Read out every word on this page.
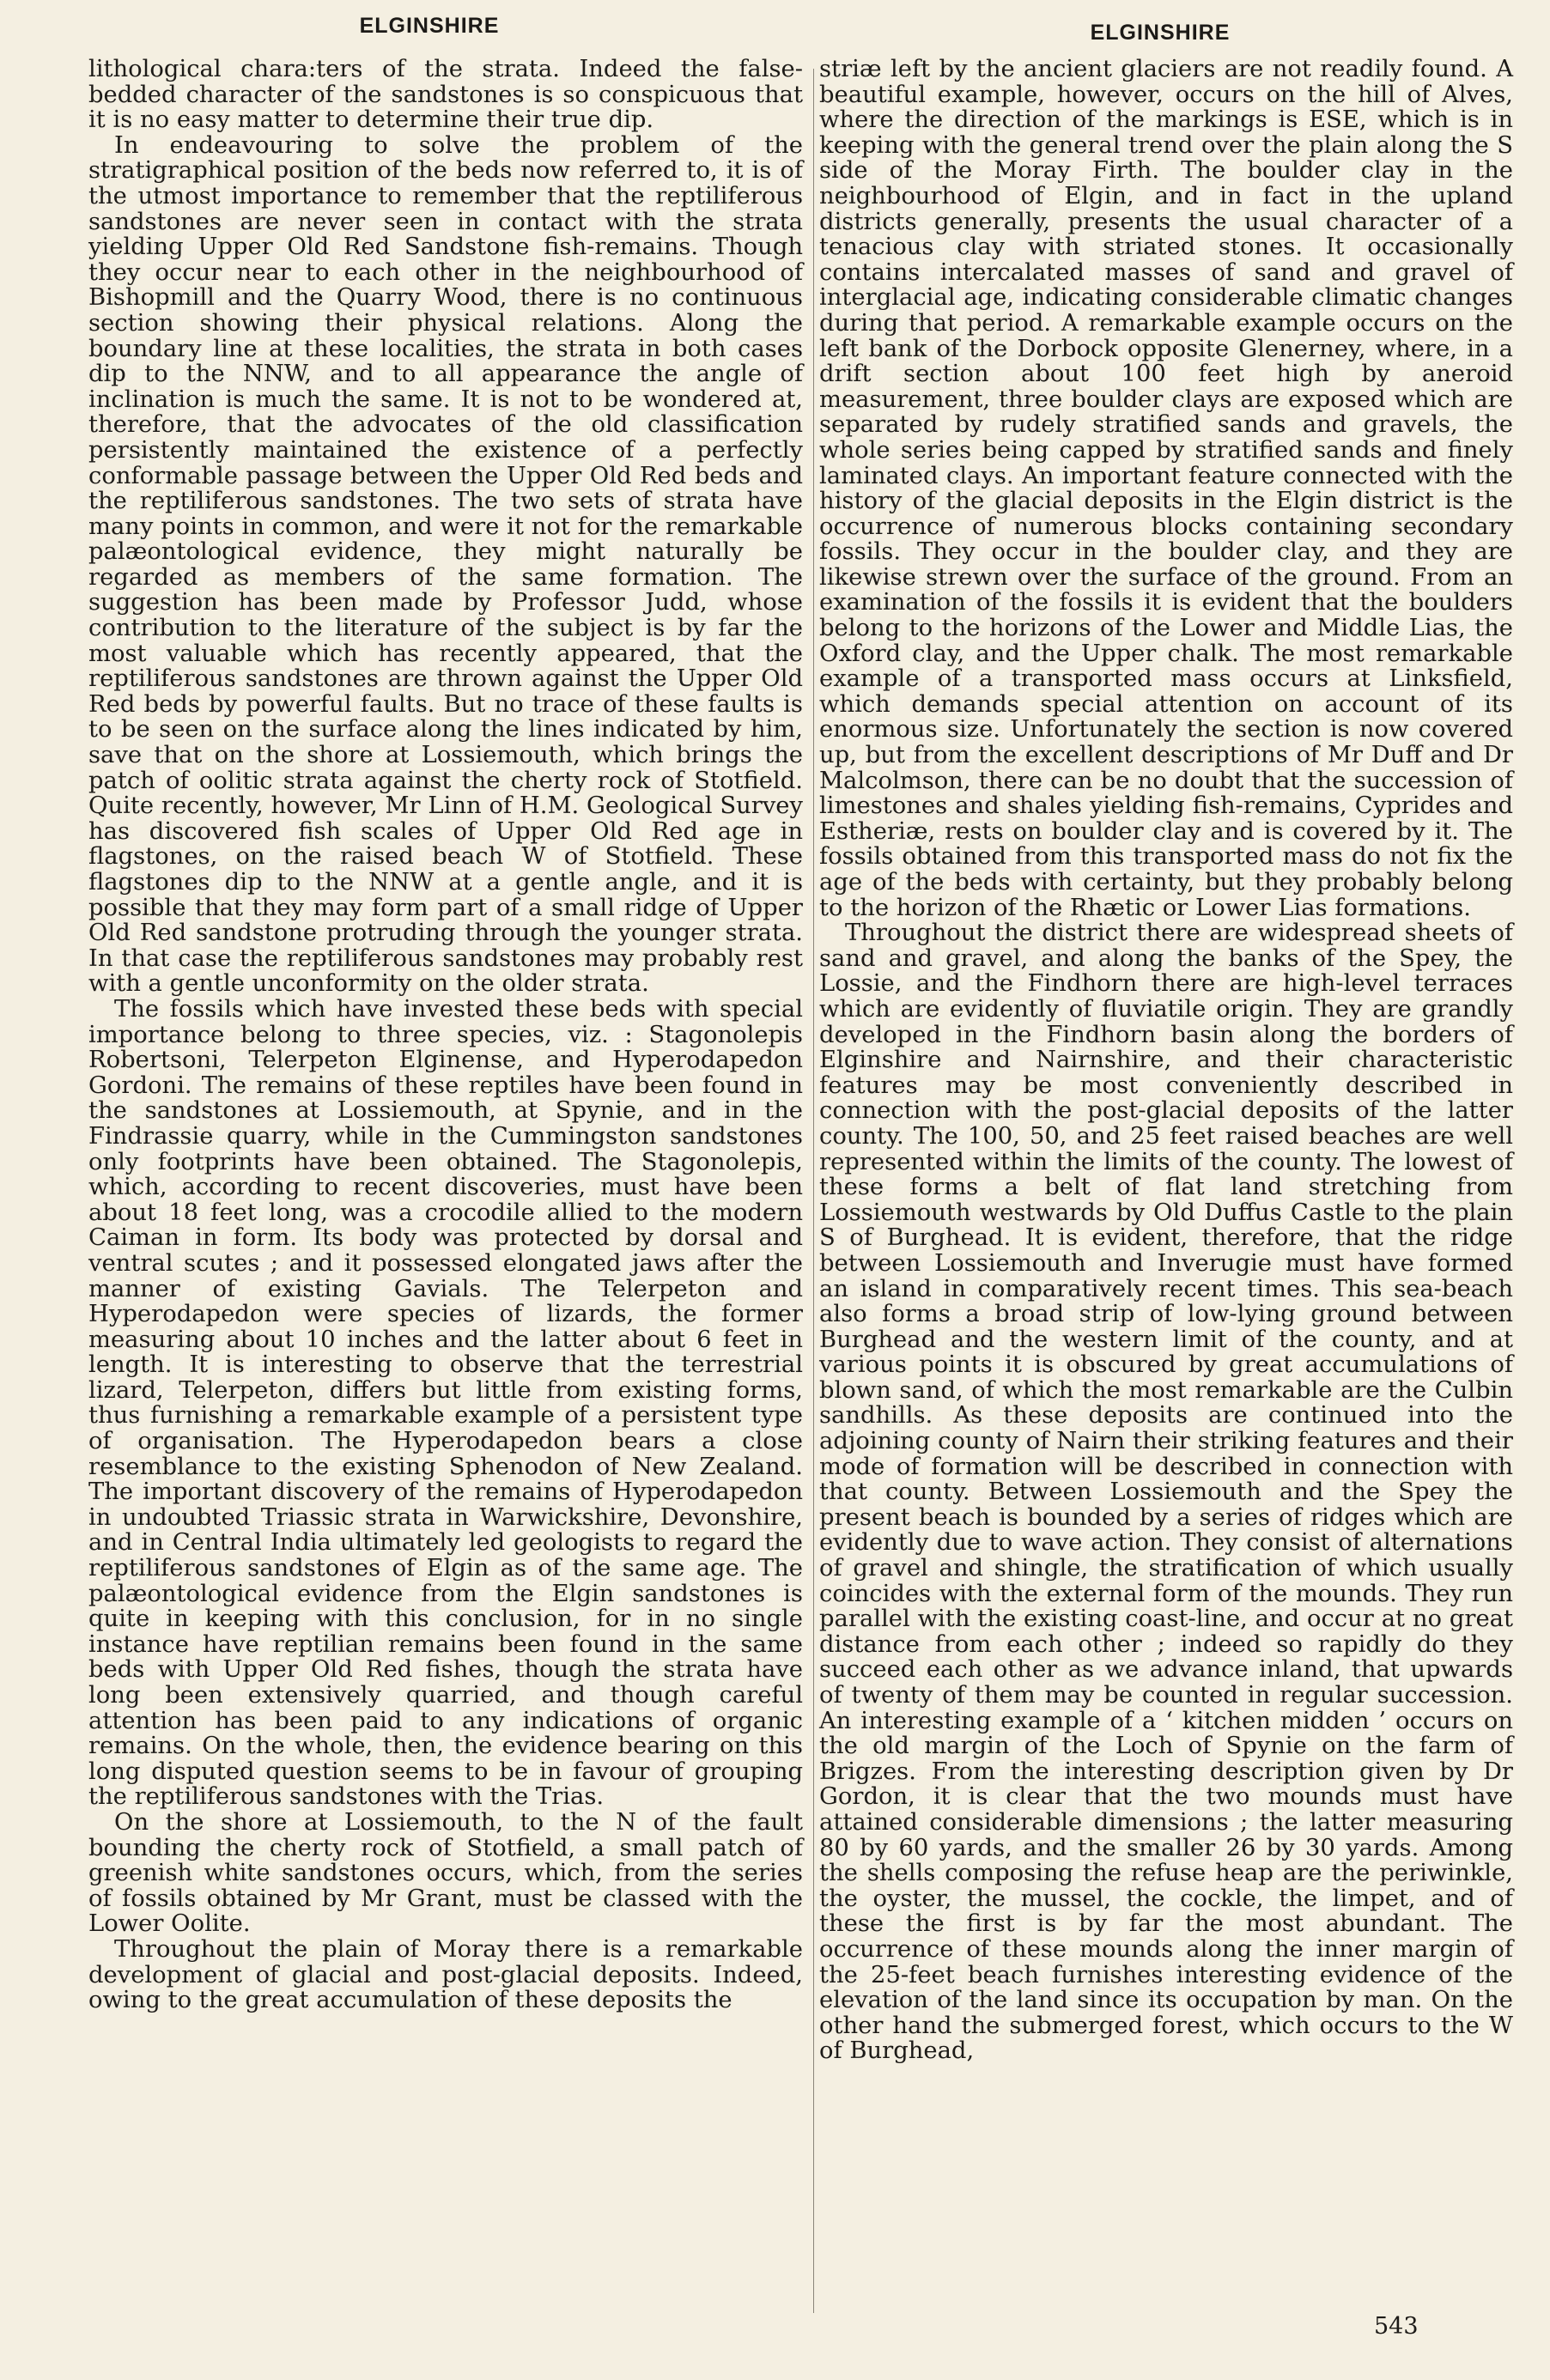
ELGINSHIRE	ELGINSHIRE

lithological chara:ters of the strata. Indeed the false-bedded character of the sandstones is so conspicuous that it is no easy matter to determine their true dip.

In endeavouring to solve the problem of the stratigraphical position of the beds now referred to, it is of the utmost importance to remember that the reptiliferous sandstones are never seen in contact with the strata yielding Upper Old Red Sandstone fish-remains. Though they occur near to each other in the neighbourhood of Bishopmill and the Quarry Wood, there is no continuous section showing their physical relations. Along the boundary line at these localities, the strata in both cases dip to the NNW, and to all appearance the angle of inclination is much the same. It is not to be wondered at, therefore, that the advocates of the old classification persistently maintained the existence of a perfectly conformable passage between the Upper Old Red beds and the reptiliferous sandstones. The two sets of strata have many points in common, and were it not for the remarkable palæontological evidence, they might naturally be regarded as members of the same formation. The suggestion has been made by Professor Judd, whose contribution to the literature of the subject is by far the most valuable which has recently appeared, that the reptiliferous sandstones are thrown against the Upper Old Red beds by powerful faults. But no trace of these faults is to be seen on the surface along the lines indicated by him, save that on the shore at Lossiemouth, which brings the patch of oolitic strata against the cherty rock of Stotfield. Quite recently, however, Mr Linn of H.M. Geological Survey has discovered fish scales of Upper Old Red age in flagstones, on the raised beach W of Stotfield. These flagstones dip to the NNW at a gentle angle, and it is possible that they may form part of a small ridge of Upper Old Red sandstone protruding through the younger strata. In that case the reptiliferous sandstones may probably rest with a gentle unconformity on the older strata.

The fossils which have invested these beds with special importance belong to three species, viz. : Stagonolepis Robertsoni, Telerpeton Elginense, and Hyperodapedon Gordoni. The remains of these reptiles have been found in the sandstones at Lossiemouth, at Spynie, and in the Findrassie quarry, while in the Cummingston sandstones only footprints have been obtained. The Stagonolepis, which, according to recent discoveries, must have been about 18 feet long, was a crocodile allied to the modern Caiman in form. Its body was protected by dorsal and ventral scutes ; and it possessed elongated jaws after the manner of existing Gavials. The Telerpeton and Hyperodapedon were species of lizards, the former measuring about 10 inches and the latter about 6 feet in length. It is interesting to observe that the terrestrial lizard, Telerpeton, differs but little from existing forms, thus furnishing a remarkable example of a persistent type of organisation. The Hyperodapedon bears a close resemblance to the existing Sphenodon of New Zealand. The important discovery of the remains of Hyperodapedon in undoubted Triassic strata in Warwickshire, Devonshire, and in Central India ultimately led geologists to regard the reptiliferous sandstones of Elgin as of the same age. The palæontological evidence from the Elgin sandstones is quite in keeping with this conclusion, for in no single instance have reptilian remains been found in the same beds with Upper Old Red fishes, though the strata have long been extensively quarried, and though careful attention has been paid to any indications of organic remains. On the whole, then, the evidence bearing on this long disputed question seems to be in favour of grouping the reptiliferous sandstones with the Trias.

On the shore at Lossiemouth, to the N of the fault bounding the cherty rock of Stotfield, a small patch of greenish white sandstones occurs, which, from the series of fossils obtained by Mr Grant, must be classed with the Lower Oolite.

Throughout the plain of Moray there is a remarkable development of glacial and post-glacial deposits. Indeed, owing to the great accumulation of these deposits the

striæ left by the ancient glaciers are not readily found. A beautiful example, however, occurs on the hill of Alves, where the direction of the markings is ESE, which is in keeping with the general trend over the plain along the S side of the Moray Firth. The boulder clay in the neighbourhood of Elgin, and in fact in the upland districts generally, presents the usual character of a tenacious clay with striated stones. It occasionally contains intercalated masses of sand and gravel of interglacial age, indicating considerable climatic changes during that period. A remarkable example occurs on the left bank of the Dorbock opposite Glenerney, where, in a drift section about 100 feet high by aneroid measurement, three boulder clays are exposed which are separated by rudely stratified sands and gravels, the whole series being capped by stratified sands and finely laminated clays. An important feature connected with the history of the glacial deposits in the Elgin district is the occurrence of numerous blocks containing secondary fossils. They occur in the boulder clay, and they are likewise strewn over the surface of the ground. From an examination of the fossils it is evident that the boulders belong to the horizons of the Lower and Middle Lias, the Oxford clay, and the Upper chalk. The most remarkable example of a transported mass occurs at Linksfield, which demands special attention on account of its enormous size. Unfortunately the section is now covered up, but from the excellent descriptions of Mr Duff and Dr Malcolmson, there can be no doubt that the succession of limestones and shales yielding fish-remains, Cyprides and Estheriæ, rests on boulder clay and is covered by it. The fossils obtained from this transported mass do not fix the age of the beds with certainty, but they probably belong to the horizon of the Rhætic or Lower Lias formations.

Throughout the district there are widespread sheets of sand and gravel, and along the banks of the Spey, the Lossie, and the Findhorn there are high-level terraces which are evidently of fluviatile origin. They are grandly developed in the Findhorn basin along the borders of Elginshire and Nairnshire, and their characteristic features may be most conveniently described in connection with the post-glacial deposits of the latter county. The 100, 50, and 25 feet raised beaches are well represented within the limits of the county. The lowest of these forms a belt of flat land stretching from Lossiemouth westwards by Old Duffus Castle to the plain S of Burghead. It is evident, therefore, that the ridge between Lossiemouth and Inverugie must have formed an island in comparatively recent times. This sea-beach also forms a broad strip of low-lying ground between Burghead and the western limit of the county, and at various points it is obscured by great accumulations of blown sand, of which the most remarkable are the Culbin sandhills. As these deposits are continued into the adjoining county of Nairn their striking features and their mode of formation will be described in connection with that county. Between Lossiemouth and the Spey the present beach is bounded by a series of ridges which are evidently due to wave action. They consist of alternations of gravel and shingle, the stratification of which usually coincides with the external form of the mounds. They run parallel with the existing coast-line, and occur at no great distance from each other ; indeed so rapidly do they succeed each other as we advance inland, that upwards of twenty of them may be counted in regular succession. An interesting example of a ‘ kitchen midden ’ occurs on the old margin of the Loch of Spynie on the farm of Brigzes. From the interesting description given by Dr Gordon, it is clear that the two mounds must have attained considerable dimensions ; the latter measuring 80 by 60 yards, and the smaller 26 by 30 yards. Among the shells composing the refuse heap are the periwinkle, the oyster, the mussel, the cockle, the limpet, and of these the first is by far the most abundant. The occurrence of these mounds along the inner margin of the 25-feet beach furnishes interesting evidence of the elevation of the land since its occupation by man. On the other hand the submerged forest, which occurs to the W of Burghead,

543
